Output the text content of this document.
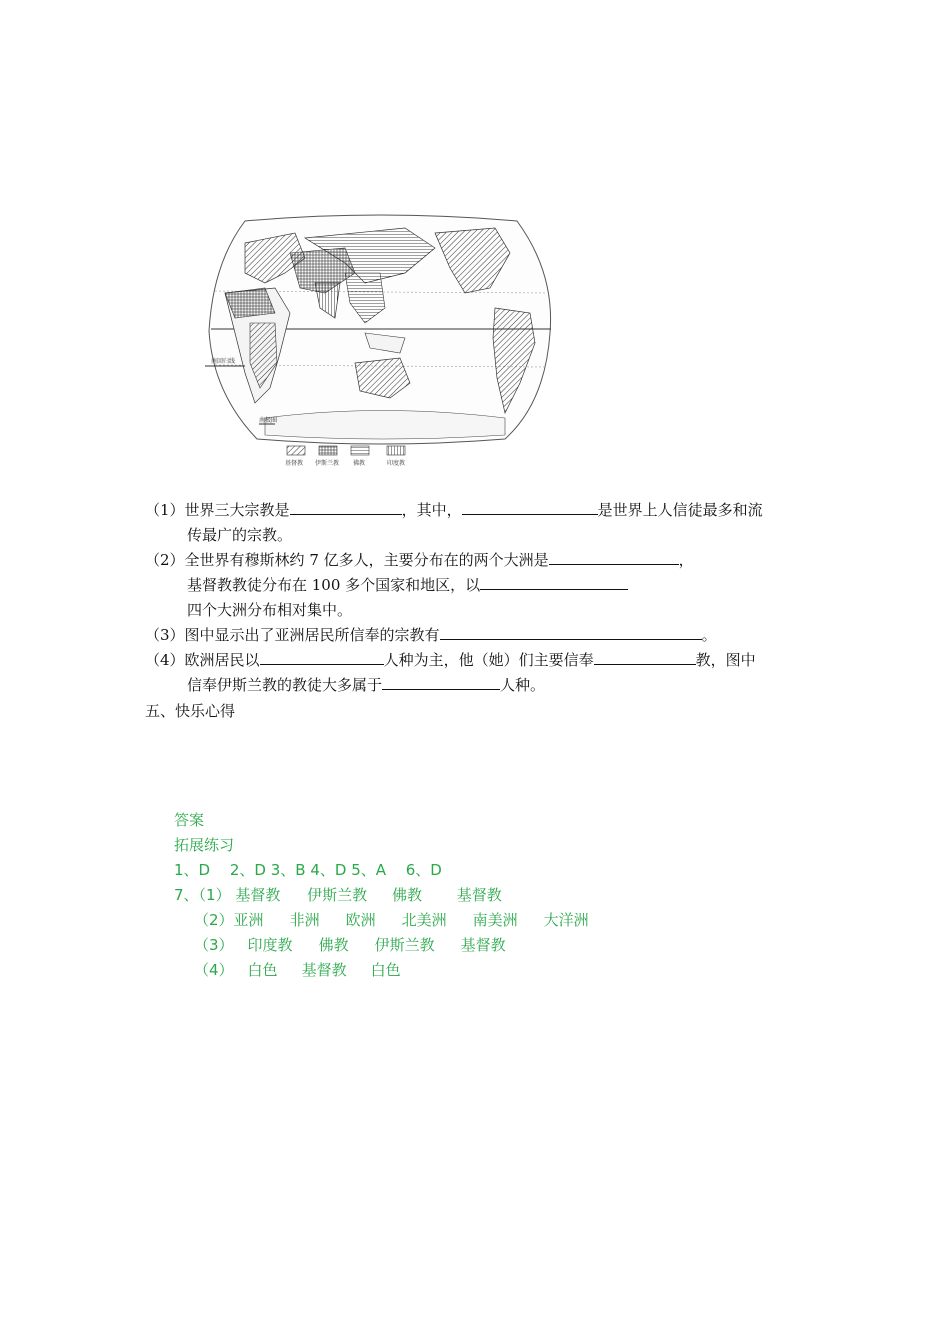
南回归线
南极圈
基督教 伊斯兰教 佛教	印度教
（1）世界三大宗教是	，其中，	是世界上人信徒最多和流
传最广的宗教。
（2）全世界有穆斯林约 7 亿多人，主要分布在的两个大洲是	，
基督教教徒分布在 100 多个国家和地区，以
四个大洲分布相对集中。
（3）图中显示出了亚洲居民所信奉的宗教有	。
（4）欧洲居民以	人种为主，他（她）们主要信奉	教，图中
信奉伊斯兰教的教徒大多属于	人种。
五、快乐心得
答案
拓展练习
1、D　 2、D 3、B 4、D 5、A　 6、D
7、（1） 基督教 伊斯兰教 佛教 基督教
（2）亚洲 非洲 欧洲 北美洲 南美洲 大洋洲
（3） 印度教 佛教 伊斯兰教 基督教
（4） 白色 基督教 白色
